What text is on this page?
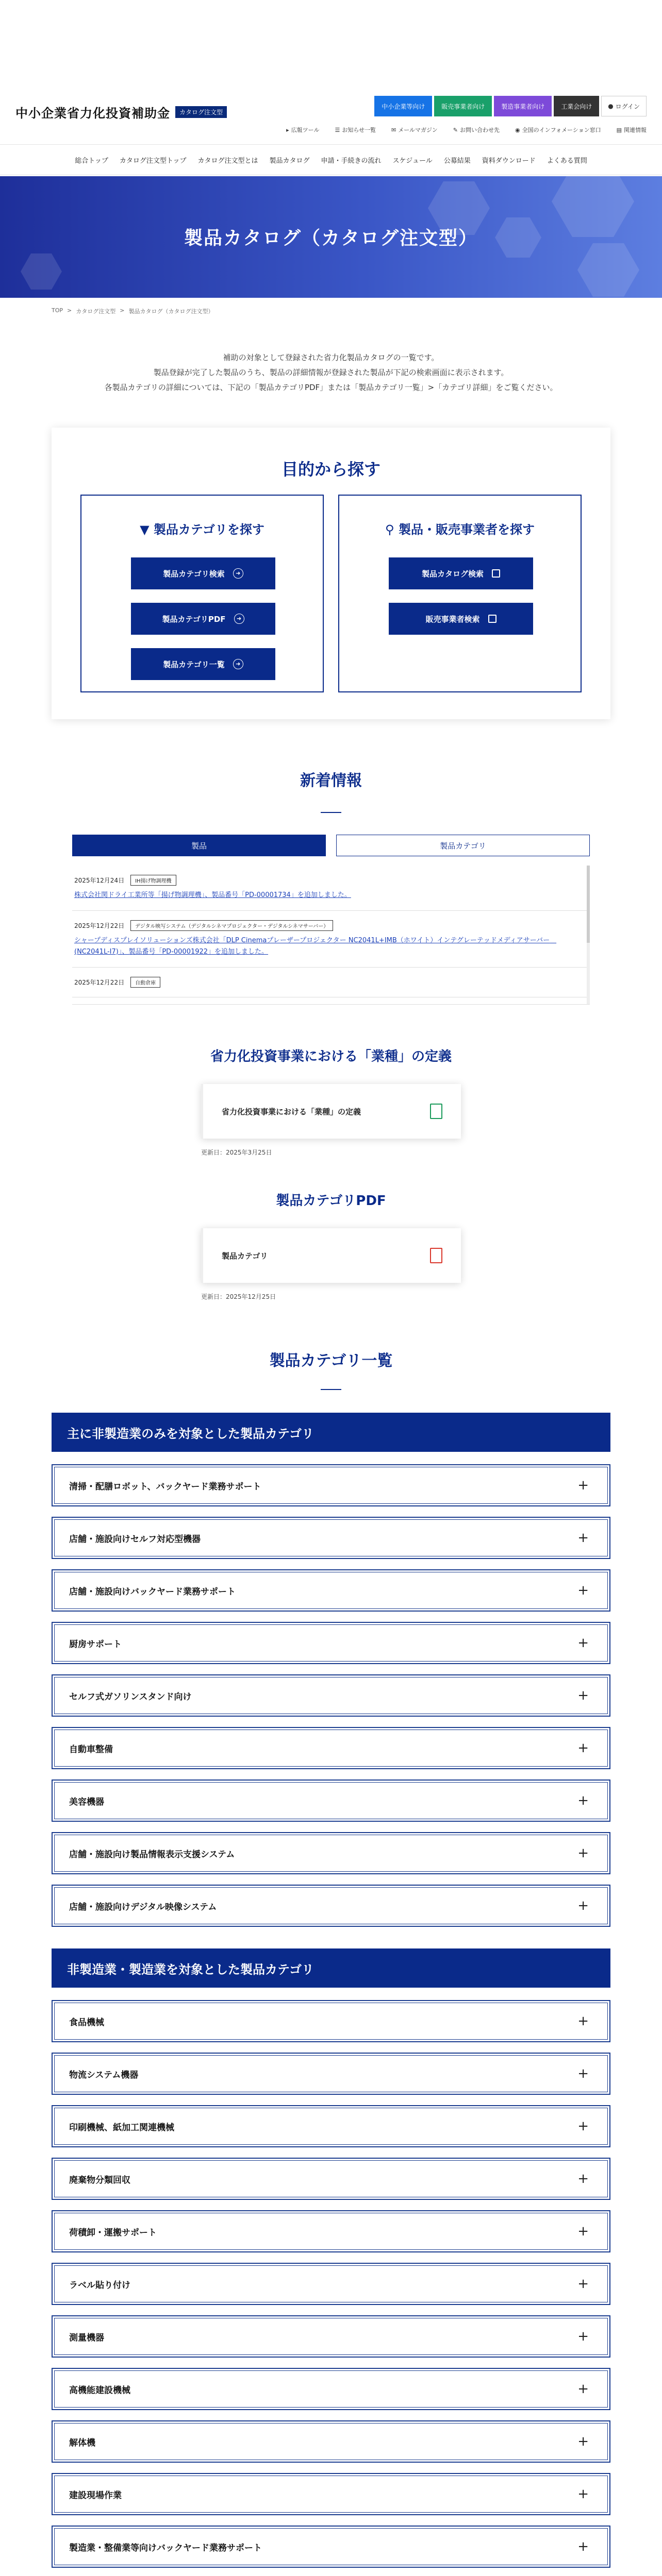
中小企業省力化投資補助金	カタログ注文型
中小企業等向け	販売事業者向け	製造事業者向け	工業会向け	● ログイン
▸ 広報ツール	☰ お知らせ一覧	✉ メールマガジン	✎ お問い合わせ先	◉ 全国のインフォメーション窓口	▤ 関連情報
総合トップ カタログ注文型トップ カタログ注文型とは 製品カタログ 申請・手続きの流れ スケジュール 公募結果 資料ダウンロード よくある質問
製品カタログ（カタログ注文型）
TOP > カタログ注文型 > 製品カタログ（カタログ注文型）

補助の対象として登録された省力化製品カタログの一覧です。

製品登録が完了した製品のうち、製品の詳細情報が登録された製品が下記の検索画面に表示されます。

各製品カテゴリの詳細については、下記の「製品カテゴリPDF」または「製品カテゴリ一覧」>「カテゴリ詳細」をご覧ください。

目的から探す
▼ 製品カテゴリを探す
製品カテゴリ検索	➜
製品カテゴリPDF	➜
製品カテゴリ一覧	➜
⚲ 製品・販売事業者を探す
製品カタログ検索
販売事業者検索
新着情報
製品	製品カテゴリ
2025年12月24日	IH揚げ物調理機
株式会社関ドライ工業所等「揚げ物調理機」、製品番号「PD-00001734」を追加しました。
2025年12月22日	デジタル映写システム（デジタルシネマプロジェクター・デジタルシネマサーバー）
シャープディスプレイソリューションズ株式会社「DLP Cinemaプレーザープロジェクター NC2041L+IMB（ホワイト）インテグレーテッドメディアサーバー　(NC2041L-I7)」、製品番号「PD-00001922」を追加しました。
2025年12月22日	自動倉庫
省力化投資事業における「業種」の定義
省力化投資事業における「業種」の定義
更新日：2025年3月25日
製品カテゴリPDF
製品カテゴリ
更新日：2025年12月25日
製品カテゴリ一覧
主に非製造業のみを対象とした製品カテゴリ
清掃・配膳ロボット、バックヤード業務サポート	+
店舗・施設向けセルフ対応型機器	+
店舗・施設向けバックヤード業務サポート	+
厨房サポート	+
セルフ式ガソリンスタンド向け	+
自動車整備	+
美容機器	+
店舗・施設向け製品情報表示支援システム	+
店舗・施設向けデジタル映像システム	+
非製造業・製造業を対象とした製品カテゴリ
食品機械	+
物流システム機器	+
印刷機械、紙加工関連機械	+
廃棄物分類回収	+
荷積卸・運搬サポート	+
ラベル貼り付け	+
測量機器	+
高機能建設機械	+
解体機	+
建設現場作業	+
製造業・整備業等向けバックヤード業務サポート	+
